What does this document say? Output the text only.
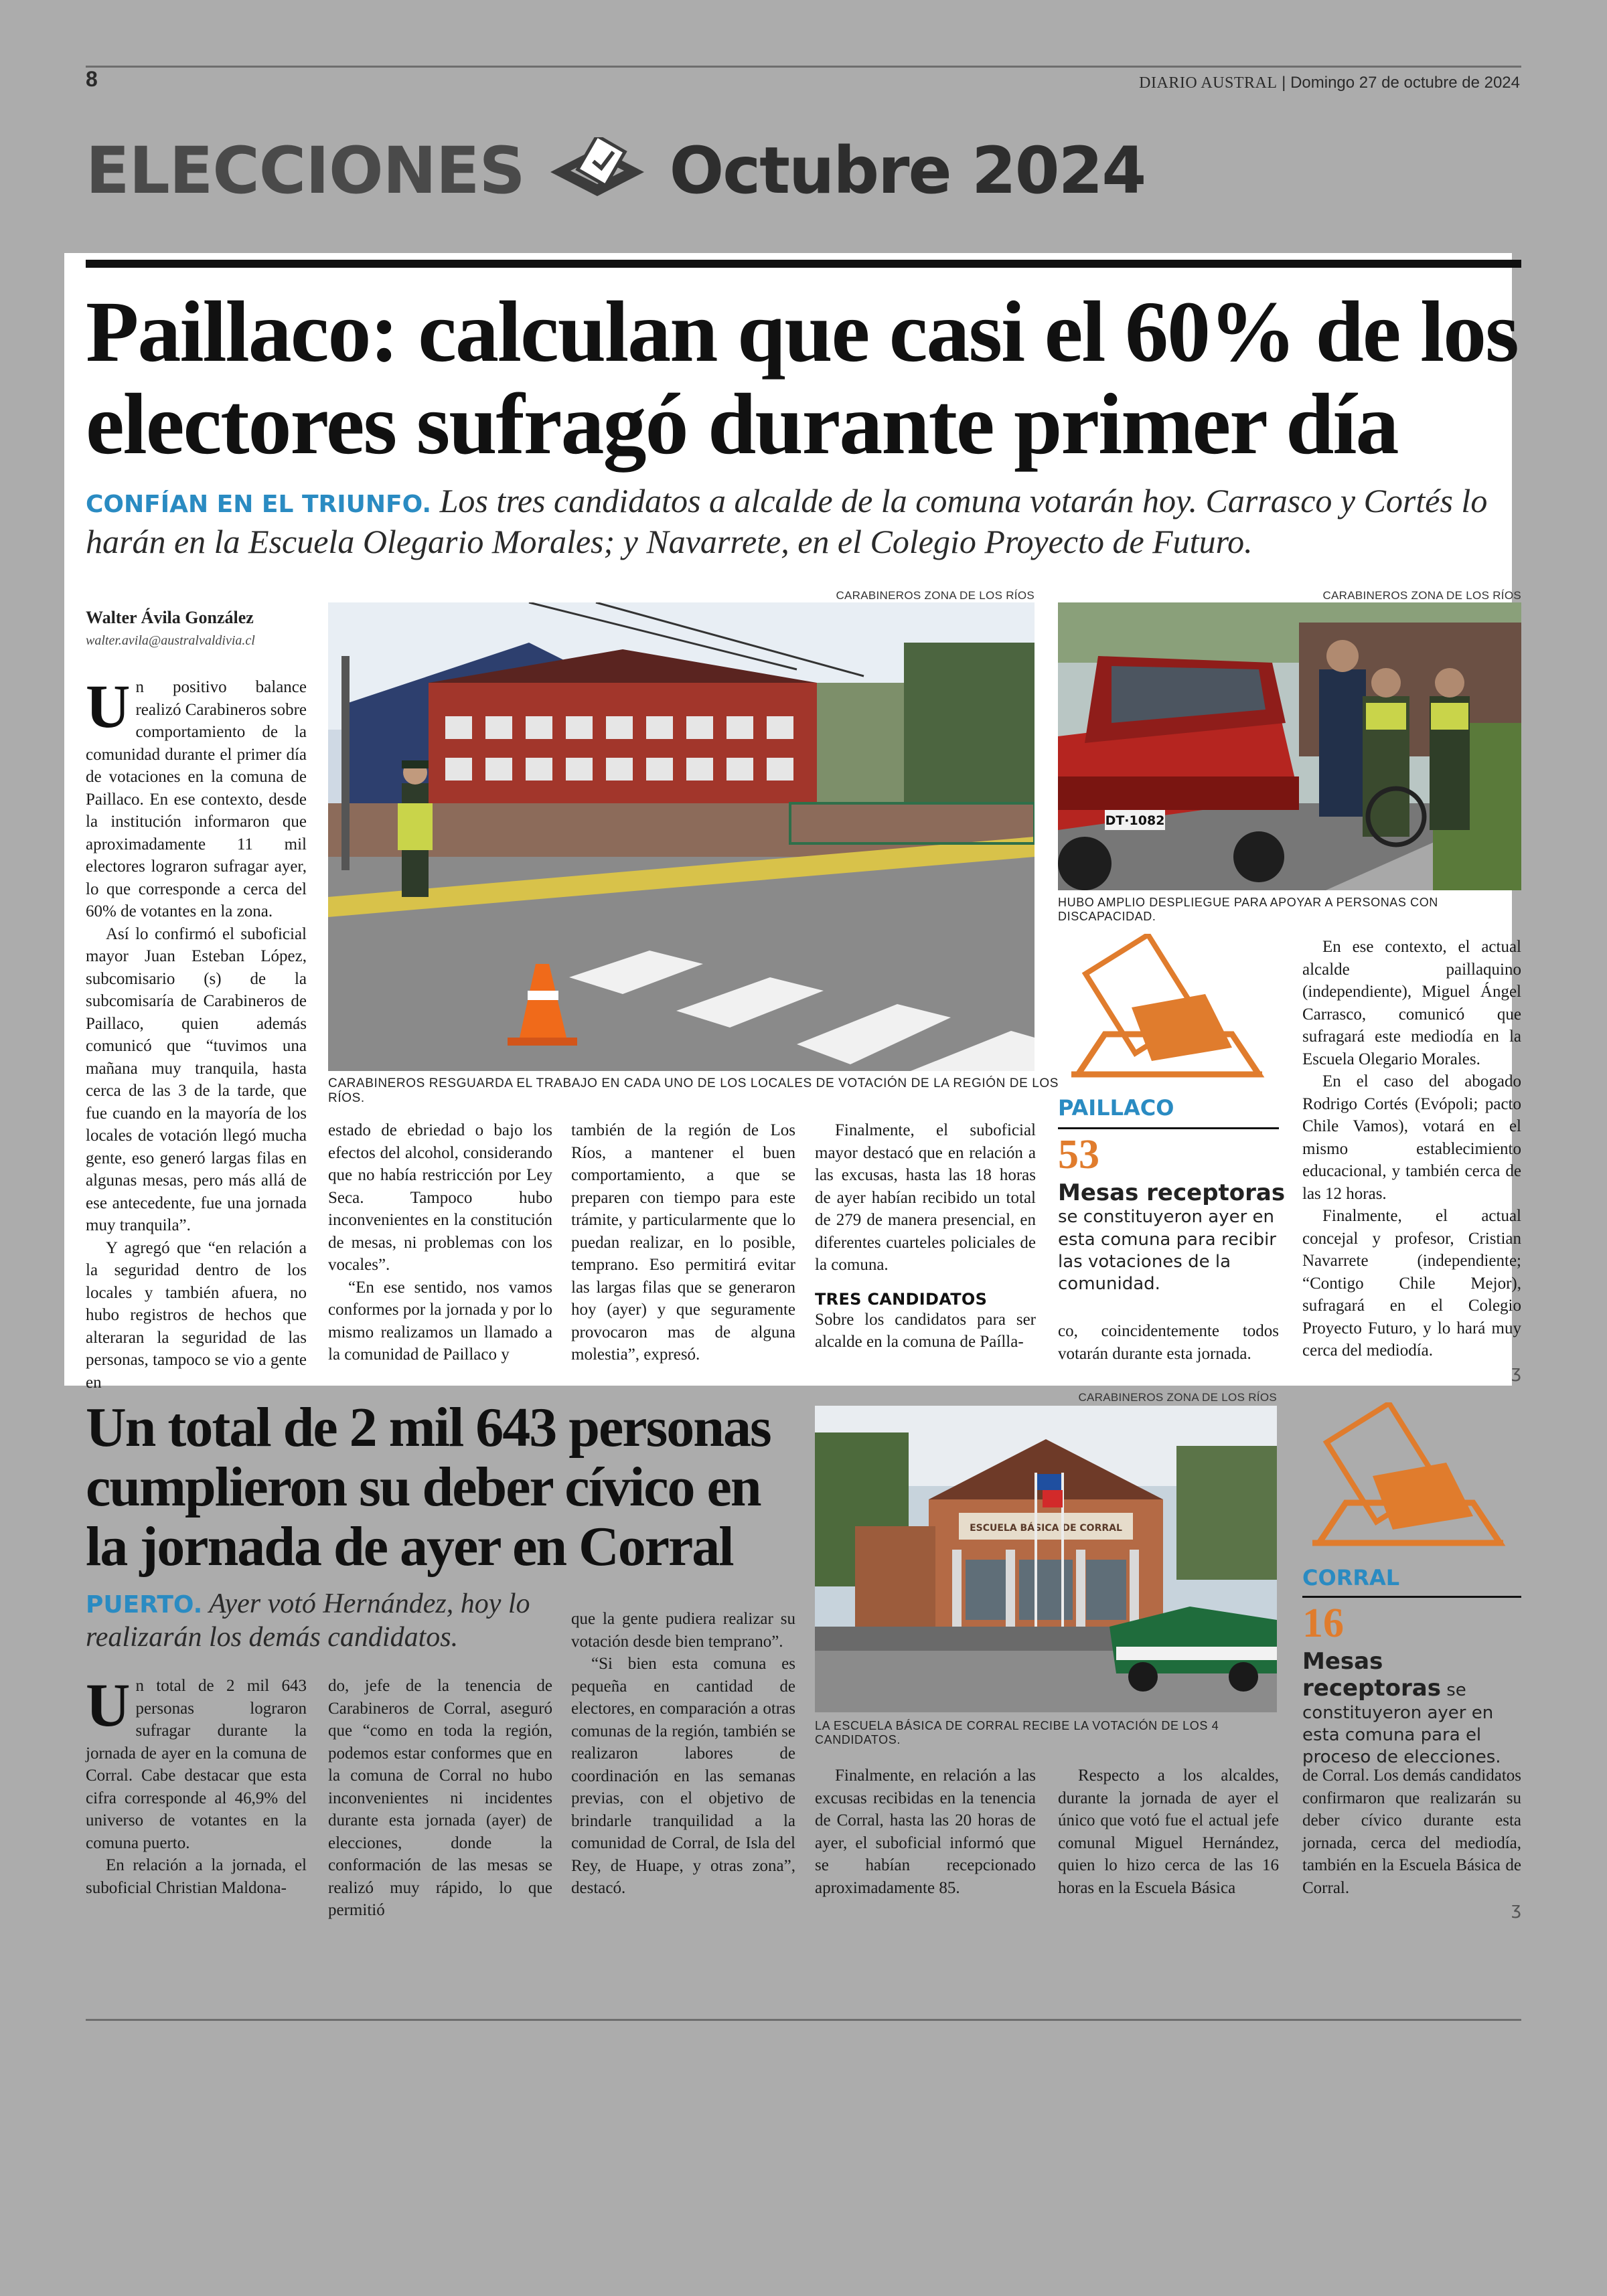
8	DIARIO AUSTRAL | Domingo 27 de octubre de 2024
ELECCIONES Octubre 2024
Paillaco: calculan que casi el 60% de los electores sufragó durante primer día
CONFÍAN EN EL TRIUNFO. Los tres candidatos a alcalde de la comuna votarán hoy. Carrasco y Cortés lo harán en la Escuela Olegario Morales; y Navarrete, en el Colegio Proyecto de Futuro.
Walter Ávila González
walter.avila@australvaldivia.cl

Un positivo balance realizó Carabineros sobre comportamiento de la comunidad durante el primer día de votaciones en la comuna de Paillaco. En ese contexto, desde la institución informaron que aproximadamente 11 mil electores lograron sufragar ayer, lo que corresponde a cerca del 60% de votantes en la zona.

Así lo confirmó el suboficial mayor Juan Esteban López, subcomisario (s) de la subcomisaría de Carabineros de Paillaco, quien además comunicó que “tuvimos una mañana muy tranquila, hasta cerca de las 3 de la tarde, que fue cuando en la mayoría de los locales de votación llegó mucha gente, eso generó largas filas en algunas mesas, pero más allá de ese antecedente, fue una jornada muy tranquila”.

Y agregó que “en relación a la seguridad dentro de los locales y también afuera, no hubo registros de hechos que alteraran la seguridad de las personas, tampoco se vio a gente en

CARABINEROS ZONA DE LOS RÍOS
CARABINEROS RESGUARDA EL TRABAJO EN CADA UNO DE LOS LOCALES DE VOTACIÓN DE LA REGIÓN DE LOS RÍOS.
CARABINEROS ZONA DE LOS RÍOS
DT·1082
HUBO AMPLIO DESPLIEGUE PARA APOYAR A PERSONAS CON DISCAPACIDAD.
PAILLACO
53
Mesas receptoras se constituyeron ayer en esta comuna para recibir las votaciones de la comunidad.

En ese contexto, el actual alcalde paillaquino (independiente), Miguel Ángel Carrasco, comunicó que sufragará este mediodía en la Escuela Olegario Morales.

En el caso del abogado Rodrigo Cortés (Evópoli; pacto Chile Vamos), votará en el mismo establecimiento educacional, y también cerca de las 12 horas.

Finalmente, el actual concejal y profesor, Cristian Navarrete (independiente; “Contigo Chile Mejor), sufragará en el Colegio Proyecto Futuro, y lo hará muy cerca del mediodía.

ʒ

estado de ebriedad o bajo los efectos del alcohol, considerando que no había restricción por Ley Seca. Tampoco hubo inconvenientes en la constitución de mesas, ni problemas con los vocales”.

“En ese sentido, nos vamos conformes por la jornada y por lo mismo realizamos un llamado a la comunidad de Paillaco y

también de la región de Los Ríos, a mantener el buen comportamiento, a que se preparen con tiempo para este trámite, y particularmente que lo puedan realizar, en lo posible, temprano. Eso permitirá evitar las largas filas que se generaron hoy (ayer) y que seguramente provocaron mas de alguna molestia”, expresó.

Finalmente, el suboficial mayor destacó que en relación a las excusas, hasta las 18 horas de ayer habían recibido un total de 279 de manera presencial, en diferentes cuarteles policiales de la comuna.

TRES CANDIDATOS

Sobre los candidatos para ser alcalde en la comuna de Paílla-

co, coincidentemente todos votarán durante esta jornada.

Un total de 2 mil 643 personas cumplieron su deber cívico en la jornada de ayer en Corral
PUERTO. Ayer votó Hernández, hoy lo realizarán los demás candidatos.

Un total de 2 mil 643 personas lograron sufragar durante la jornada de ayer en la comuna de Corral. Cabe destacar que esta cifra corresponde al 46,9% del universo de votantes en la comuna puerto.

En relación a la jornada, el suboficial Christian Maldona-

do, jefe de la tenencia de Carabineros de Corral, aseguró que “como en toda la región, podemos estar conformes que en la comuna de Corral no hubo inconvenientes ni incidentes durante esta jornada (ayer) de elecciones, donde la conformación de las mesas se realizó muy rápido, lo que permitió

que la gente pudiera realizar su votación desde bien temprano”.

“Si bien esta comuna es pequeña en cantidad de electores, en comparación a otras comunas de la región, también se realizaron labores de coordinación en las semanas previas, con el objetivo de brindarle tranquilidad a la comunidad de Corral, de Isla del Rey, de Huape, y otras zona”, destacó.

CARABINEROS ZONA DE LOS RÍOS
ESCUELA BÁSICA DE CORRAL
LA ESCUELA BÁSICA DE CORRAL RECIBE LA VOTACIÓN DE LOS 4 CANDIDATOS.

Finalmente, en relación a las excusas recibidas en la tenencia de Corral, hasta las 20 horas de ayer, el suboficial informó que se habían recepcionado aproximadamente 85.

Respecto a los alcaldes, durante la jornada de ayer el único que votó fue el actual jefe comunal Miguel Hernández, quien lo hizo cerca de las 16 horas en la Escuela Básica

de Corral. Los demás candidatos confirmaron que realizarán su deber cívico durante esta jornada, cerca del mediodía, también en la Escuela Básica de Corral.

ʒ
CORRAL
16
Mesas receptoras se constituyeron ayer en esta comuna para el proceso de elecciones.
